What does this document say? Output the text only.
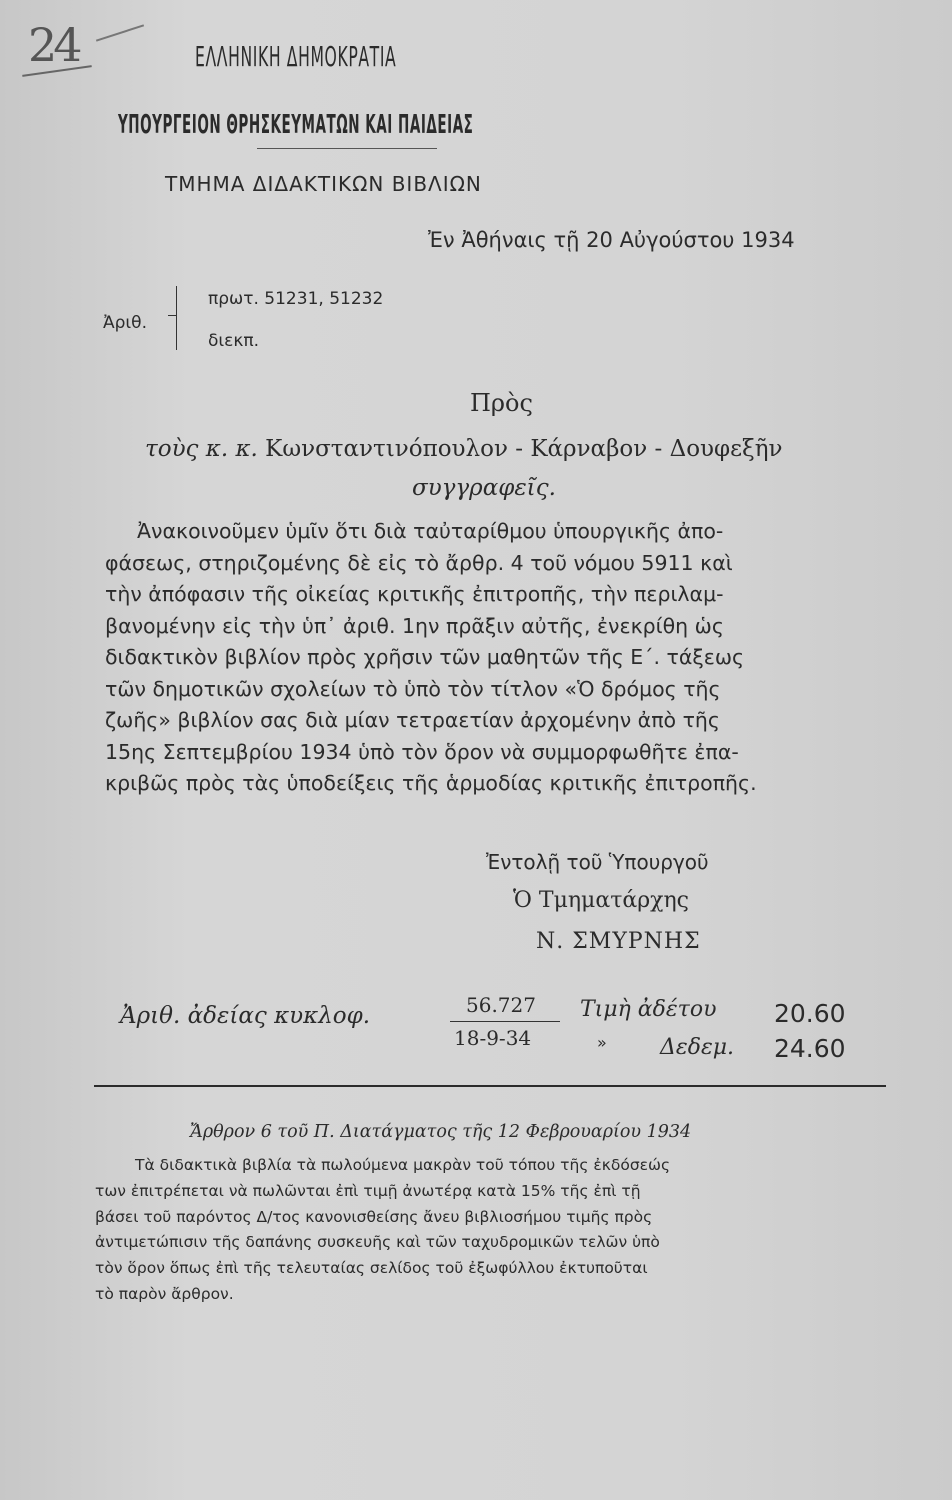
24	ΕΛΛΗΝΙΚΗ ΔΗΜΟΚΡΑΤΙΑ
ΥΠΟΥΡΓΕΙΟΝ ΘΡΗΣΚΕΥΜΑΤΩΝ ΚΑΙ ΠΑΙΔΕΙΑΣ
ΤΜΗΜΑ ΔΙΔΑΚΤΙΚΩΝ ΒΙΒΛΙΩΝ
Ἐν Ἀθήναις τῇ 20 Αὐγούστου 1934
Ἀριθ.
πρωτ. 51231, 51232
διεκπ.
Πρὸς
τοὺς κ. κ. Κωνσταντινόπουλον - Κάρναβον - Δουφεξῆν
συγγραφεῖς.
Ἀνακοινοῦμεν ὑμῖν ὅτι διὰ ταὐταρίθμου ὑπουργικῆς ἀπο-
φάσεως, στηριζομένης δὲ εἰς τὸ ἄρθρ. 4 τοῦ νόμου 5911 καὶ
τὴν ἀπόφασιν τῆς οἰκείας κριτικῆς ἐπιτροπῆς, τὴν περιλαμ-
βανομένην εἰς τὴν ὑπ᾽ ἀριθ. 1ην πρᾶξιν αὐτῆς, ἐνεκρίθη ὡς
διδακτικὸν βιβλίον πρὸς χρῆσιν τῶν μαθητῶν τῆς Ε΄. τάξεως
τῶν δημοτικῶν σχολείων τὸ ὑπὸ τὸν τίτλον «Ὁ δρόμος τῆς
ζωῆς» βιβλίον σας διὰ μίαν τετραετίαν ἀρχομένην ἀπὸ τῆς
15ης Σεπτεμβρίου 1934 ὑπὸ τὸν ὅρον νὰ συμμορφωθῆτε ἐπα-
κριβῶς πρὸς τὰς ὑποδείξεις τῆς ἁρμοδίας κριτικῆς ἐπιτροπῆς.
Ἐντολῇ τοῦ Ὑπουργοῦ
Ὁ Τμηματάρχης
Ν. ΣΜΥΡΝΗΣ
Ἀριθ. ἀδείας κυκλοφ.	56.727
18-9-34
Τιμὴ ἀδέτου 20.60
» Δεδεμ. 24.60
Ἄρθρον 6 τοῦ Π. Διατάγματος τῆς 12 Φεβρουαρίου 1934
Τὰ διδακτικὰ βιβλία τὰ πωλούμενα μακρὰν τοῦ τόπου τῆς ἐκδόσεώς
των ἐπιτρέπεται νὰ πωλῶνται ἐπὶ τιμῇ ἀνωτέρᾳ κατὰ 15% τῆς ἐπὶ τῇ
βάσει τοῦ παρόντος Δ/τος κανονισθείσης ἄνευ βιβλιοσήμου τιμῆς πρὸς
ἀντιμετώπισιν τῆς δαπάνης συσκευῆς καὶ τῶν ταχυδρομικῶν τελῶν ὑπὸ
τὸν ὅρον ὅπως ἐπὶ τῆς τελευταίας σελίδος τοῦ ἐξωφύλλου ἐκτυποῦται
τὸ παρὸν ἄρθρον.
